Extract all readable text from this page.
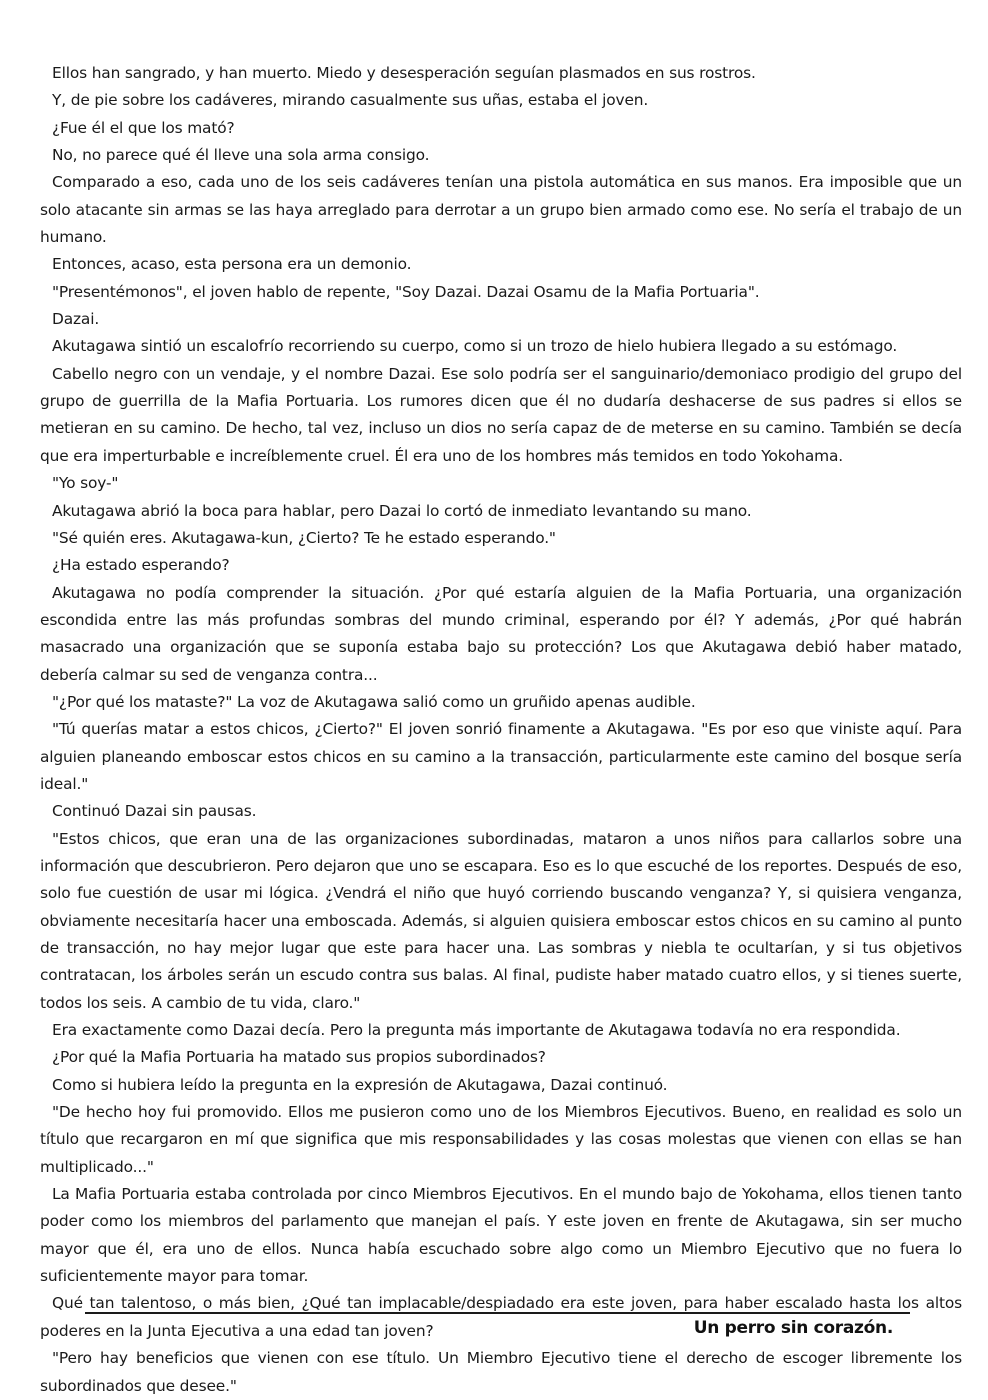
Ellos han sangrado, y han muerto. Miedo y desesperación seguían plasmados en sus rostros.

Y, de pie sobre los cadáveres, mirando casualmente sus uñas, estaba el joven.

¿Fue él el que los mató?

No, no parece qué él lleve una sola arma consigo.

Comparado a eso, cada uno de los seis cadáveres tenían una pistola automática en sus manos. Era imposible que un solo atacante sin armas se las haya arreglado para derrotar a un grupo bien armado como ese. No sería el trabajo de un humano.

Entonces, acaso, esta persona era un demonio.

"Presentémonos", el joven hablo de repente, "Soy Dazai. Dazai Osamu de la Mafia Portuaria".

Dazai.

Akutagawa sintió un escalofrío recorriendo su cuerpo, como si un trozo de hielo hubiera llegado a su estómago.

Cabello negro con un vendaje, y el nombre Dazai. Ese solo podría ser el sanguinario/demoniaco prodigio del grupo del grupo de guerrilla de la Mafia Portuaria. Los rumores dicen que él no dudaría deshacerse de sus padres si ellos se metieran en su camino. De hecho, tal vez, incluso un dios no sería capaz de de meterse en su camino. También se decía que era imperturbable e increíblemente cruel. Él era uno de los hombres más temidos en todo Yokohama.

"Yo soy-"

Akutagawa abrió la boca para hablar, pero Dazai lo cortó de inmediato levantando su mano.

"Sé quién eres. Akutagawa-kun, ¿Cierto? Te he estado esperando."

¿Ha estado esperando?

Akutagawa no podía comprender la situación. ¿Por qué estaría alguien de la Mafia Portuaria, una organización escondida entre las más profundas sombras del mundo criminal, esperando por él? Y además, ¿Por qué habrán masacrado una organización que se suponía estaba bajo su protección? Los que Akutagawa debió haber matado, debería calmar su sed de venganza contra...

"¿Por qué los mataste?" La voz de Akutagawa salió como un gruñido apenas audible.

"Tú querías matar a estos chicos, ¿Cierto?" El joven sonrió finamente a Akutagawa. "Es por eso que viniste aquí. Para alguien planeando emboscar estos chicos en su camino a la transacción, particularmente este camino del bosque sería ideal."

Continuó Dazai sin pausas.

"Estos chicos, que eran una de las organizaciones subordinadas, mataron a unos niños para callarlos sobre una información que descubrieron. Pero dejaron que uno se escapara. Eso es lo que escuché de los reportes. Después de eso, solo fue cuestión de usar mi lógica. ¿Vendrá el niño que huyó corriendo buscando venganza? Y, si quisiera venganza, obviamente necesitaría hacer una emboscada. Además, si alguien quisiera emboscar estos chicos en su camino al punto de transacción, no hay mejor lugar que este para hacer una. Las sombras y niebla te ocultarían, y si tus objetivos contratacan, los árboles serán un escudo contra sus balas. Al final, pudiste haber matado cuatro ellos, y si tienes suerte, todos los seis. A cambio de tu vida, claro."

Era exactamente como Dazai decía. Pero la pregunta más importante de Akutagawa todavía no era respondida.

¿Por qué la Mafia Portuaria ha matado sus propios subordinados?

Como si hubiera leído la pregunta en la expresión de Akutagawa, Dazai continuó.

"De hecho hoy fui promovido. Ellos me pusieron como uno de los Miembros Ejecutivos. Bueno, en realidad es solo un título que recargaron en mí que significa que mis responsabilidades y las cosas molestas que vienen con ellas se han multiplicado..."

La Mafia Portuaria estaba controlada por cinco Miembros Ejecutivos. En el mundo bajo de Yokohama, ellos tienen tanto poder como los miembros del parlamento que manejan el país. Y este joven en frente de Akutagawa, sin ser mucho mayor que él, era uno de ellos. Nunca había escuchado sobre algo como un Miembro Ejecutivo que no fuera lo suficientemente mayor para tomar.

Qué tan talentoso, o más bien, ¿Qué tan implacable/despiadado era este joven, para haber escalado hasta los altos poderes en la Junta Ejecutiva a una edad tan joven?

"Pero hay beneficios que vienen con ese título. Un Miembro Ejecutivo tiene el derecho de escoger libremente los subordinados que desee."

Un perro sin corazón.
